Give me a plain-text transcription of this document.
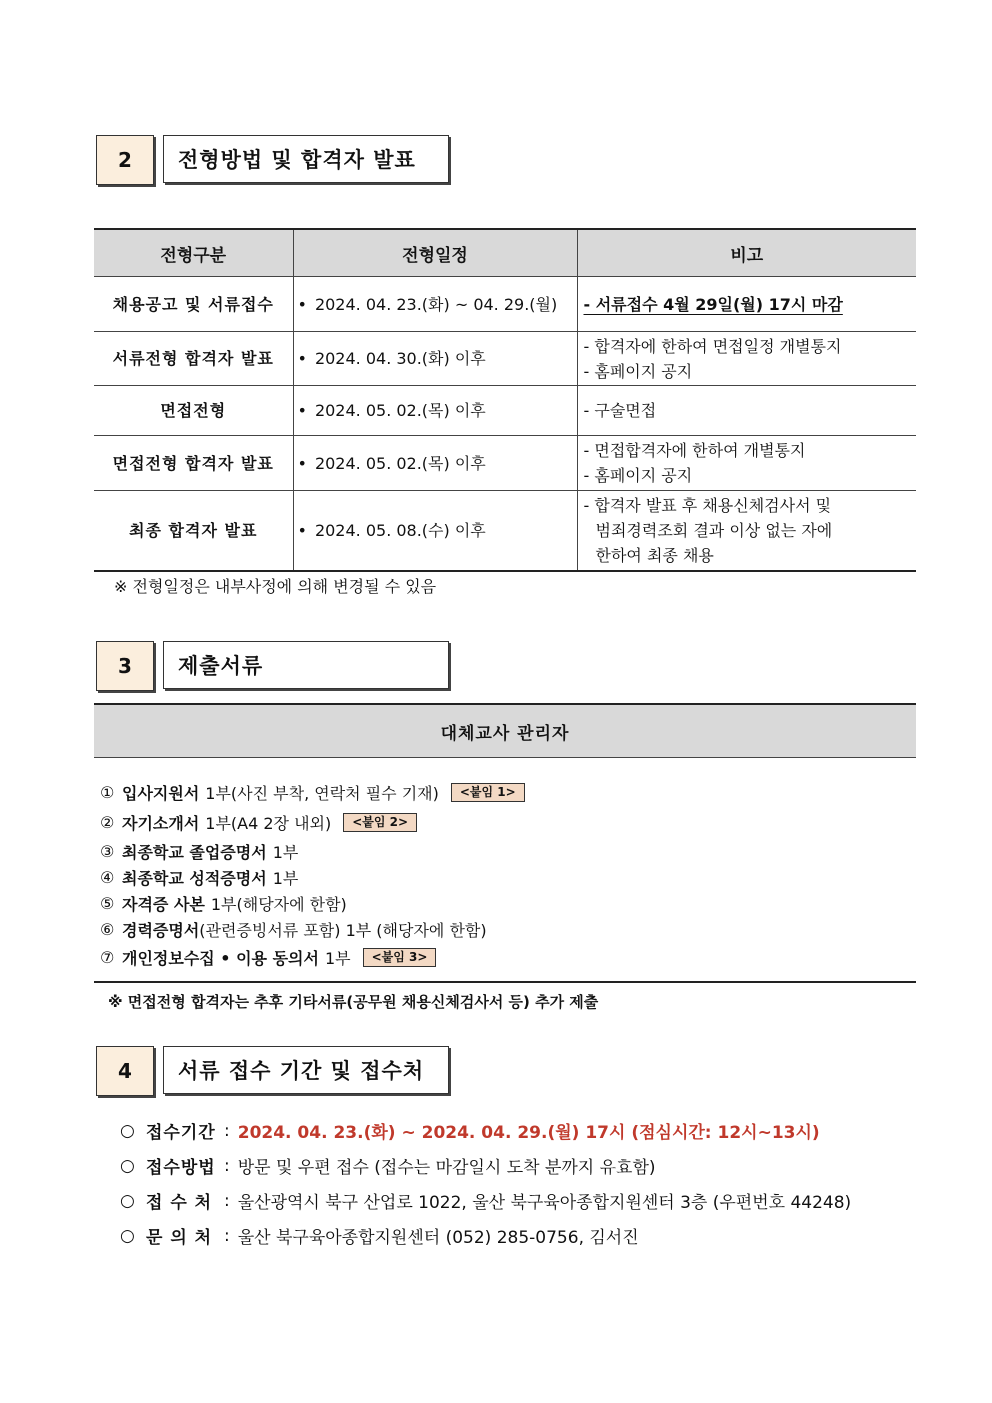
2	전형방법 및 합격자 발표
전형구분	전형일정	비고
채용공고 및 서류접수	• 2024. 04. 23.(화) ~ 04. 29.(월)	- 서류접수 4월 29일(월) 17시 마감
서류전형 합격자 발표	• 2024. 04. 30.(화) 이후	- 합격자에 한하여 면접일정 개별통지
- 홈페이지 공지

면접전형	• 2024. 05. 02.(목) 이후	- 구술면접

면접전형 합격자 발표	• 2024. 05. 02.(목) 이후	- 면접합격자에 한하여 개별통지
- 홈페이지 공지

최종 합격자 발표	• 2024. 05. 08.(수) 이후	- 합격자 발표 후 채용신체검사서 및
범죄경력조회 결과 이상 없는 자에
한하여 최종 채용
※ 전형일정은 내부사정에 의해 변경될 수 있음
3	제출서류
대체교사 관리자
① 입사지원서 1부(사진 부착, 연락처 필수 기재)	<붙임 1>
② 자기소개서 1부(A4 2장 내외)	<붙임 2>
③ 최종학교 졸업증명서 1부
④ 최종학교 성적증명서 1부
⑤ 자격증 사본 1부(해당자에 한함)
⑥ 경력증명서 (관련증빙서류 포함) 1부 (해당자에 한함)
⑦ 개인정보수집 • 이용 동의서 1부	<붙임 3>
※ 면접전형 합격자는 추후 기타서류(공무원 채용신체검사서 등) 추가 제출
4	서류 접수 기간 및 접수처
○ 접수기간 : 2024. 04. 23.(화) ~ 2024. 04. 29.(월) 17시 (점심시간: 12시~13시)
○ 접수방법 : 방문 및 우편 접수 (접수는 마감일시 도착 분까지 유효함)
○ 접 수 처 : 울산광역시 북구 산업로 1022, 울산 북구육아종합지원센터 3층 (우편번호 44248)
○ 문 의 처 : 울산 북구육아종합지원센터 (052) 285-0756, 김서진
